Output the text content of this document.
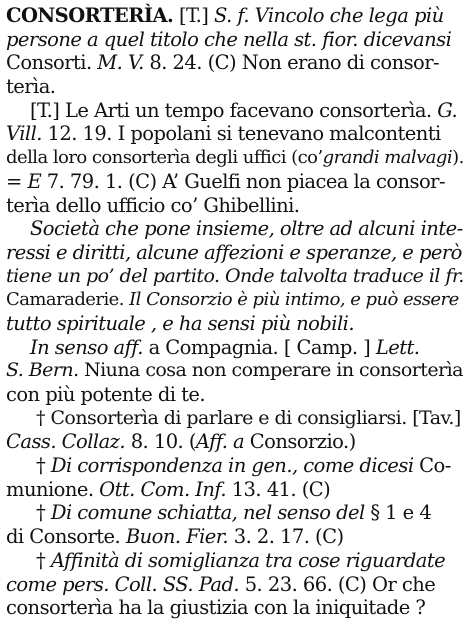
CONSORTERÌA. [T.] S. f. Vincolo che lega più
persone a quel titolo che nella st. fior. dicevansi
Consorti. M. V. 8. 24. (C) Non erano di consor-
terìa.
[T.] Le Arti un tempo facevano consorterìa. G.
Vill. 12. 19. I popolani si tenevano malcontenti
della loro consorterìa degli uffici (co’grandi malvagi).
= E 7. 79. 1. (C) A’ Guelfi non piacea la consor-
terìa dello ufficio co’ Ghibellini.
Società che pone insieme, oltre ad alcuni inte-
ressi e diritti, alcune affezioni e speranze, e però
tiene un po’ del partito. Onde talvolta traduce il fr.
Camaraderie. Il Consorzio è più intimo, e può essere
tutto spirituale , e ha sensi più nobili.
In senso aff. a Compagnia. [ Camp. ] Lett.
S. Bern. Niuna cosa non comperare in consorterìa
con più potente di te.
† Consorterìa di parlare e di consigliarsi. [Tav.]
Cass. Collaz. 8. 10. (Aff. a Consorzio.)
† Di corrispondenza in gen., come dicesi Co-
munione. Ott. Com. Inf. 13. 41. (C)
† Di comune schiatta, nel senso del § 1 e 4
di Consorte. Buon. Fier. 3. 2. 17. (C)
† Affinità di somiglianza tra cose riguardate
come pers. Coll. SS. Pad. 5. 23. 66. (C) Or che
consorterìa ha la giustizia con la iniquitade ?
